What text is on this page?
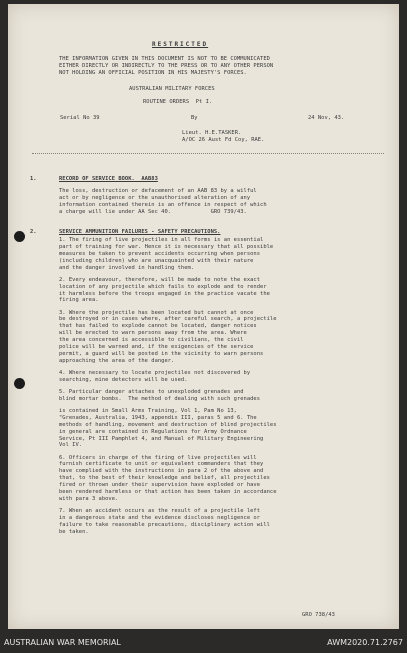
RESTRICTED
THE INFORMATION GIVEN IN THIS DOCUMENT IS NOT TO BE COMMUNICATED
EITHER DIRECTLY OR INDIRECTLY TO THE PRESS OR TO ANY OTHER PERSON
NOT HOLDING AN OFFICIAL POSITION IN HIS MAJESTY'S FORCES.
AUSTRALIAN MILITARY FORCES
ROUTINE ORDERS  Pt I.
Serial No 39	By	24 Nov, 43.
Lieut. H.E.TASKER.
A/OC 26 Aust Fd Coy, RAE.
1.	RECORD OF SERVICE BOOK.  AAB83
The loss, destruction or defacement of an AAB 83 by a wilful
act or by negligence or the unauthorised alteration of any
information contained therein is an offence in respect of which
a charge will lie under AA Sec 40.            GRO 739/43.
2.	SERVICE AMMUNITION FAILURES - SAFETY PRECAUTIONS.
1. The firing of live projectiles in all forms is an essential
part of training for war. Hence it is necessary that all possible
measures be taken to prevent accidents occurring when persons
(including children) who are unacquainted with their nature
and the danger involved in handling them.
2. Every endeavour, therefore, will be made to note the exact
location of any projectile which fails to explode and to render
it harmless before the troops engaged in the practice vacate the
firing area.
3. Where the projectile has been located but cannot at once
be destroyed or in cases where, after careful search, a projectile
that has failed to explode cannot be located, danger notices
will be erected to warn persons away from the area. Where
the area concerned is accessible to civilians, the civil
police will be warned and, if the exigencies of the service
permit, a guard will be posted in the vicinity to warn persons
approaching the area of the danger.
4. Where necessary to locate projectiles not discovered by
searching, mine detectors will be used.
5. Particular danger attaches to unexploded grenades and
blind mortar bombs.  The method of dealing with such grenades
is contained in Small Arms Training, Vol 1, Pam No 13,
"Grenades, Australia, 1943, appendix III, paras 5 and 6. The
methods of handling, movement and destruction of blind projectiles
in general are contained in Regulations for Army Ordnance
Service, Pt III Pamphlet 4, and Manual of Military Engineering
Vol IV.
6. Officers in charge of the firing of live projectiles will
furnish certificate to unit or equivalent commanders that they
have complied with the instructions in para 2 of the above and
that, to the best of their knowledge and belief, all projectiles
fired or thrown under their supervision have exploded or have
been rendered harmless or that action has been taken in accordance
with para 3 above.
7. When an accident occurs as the result of a projectile left
in a dangerous state and the evidence discloses negligence or
failure to take reasonable precautions, disciplinary action will
be taken.
GRO 738/43
AUSTRALIAN WAR MEMORIAL	AWM2020.71.2767
